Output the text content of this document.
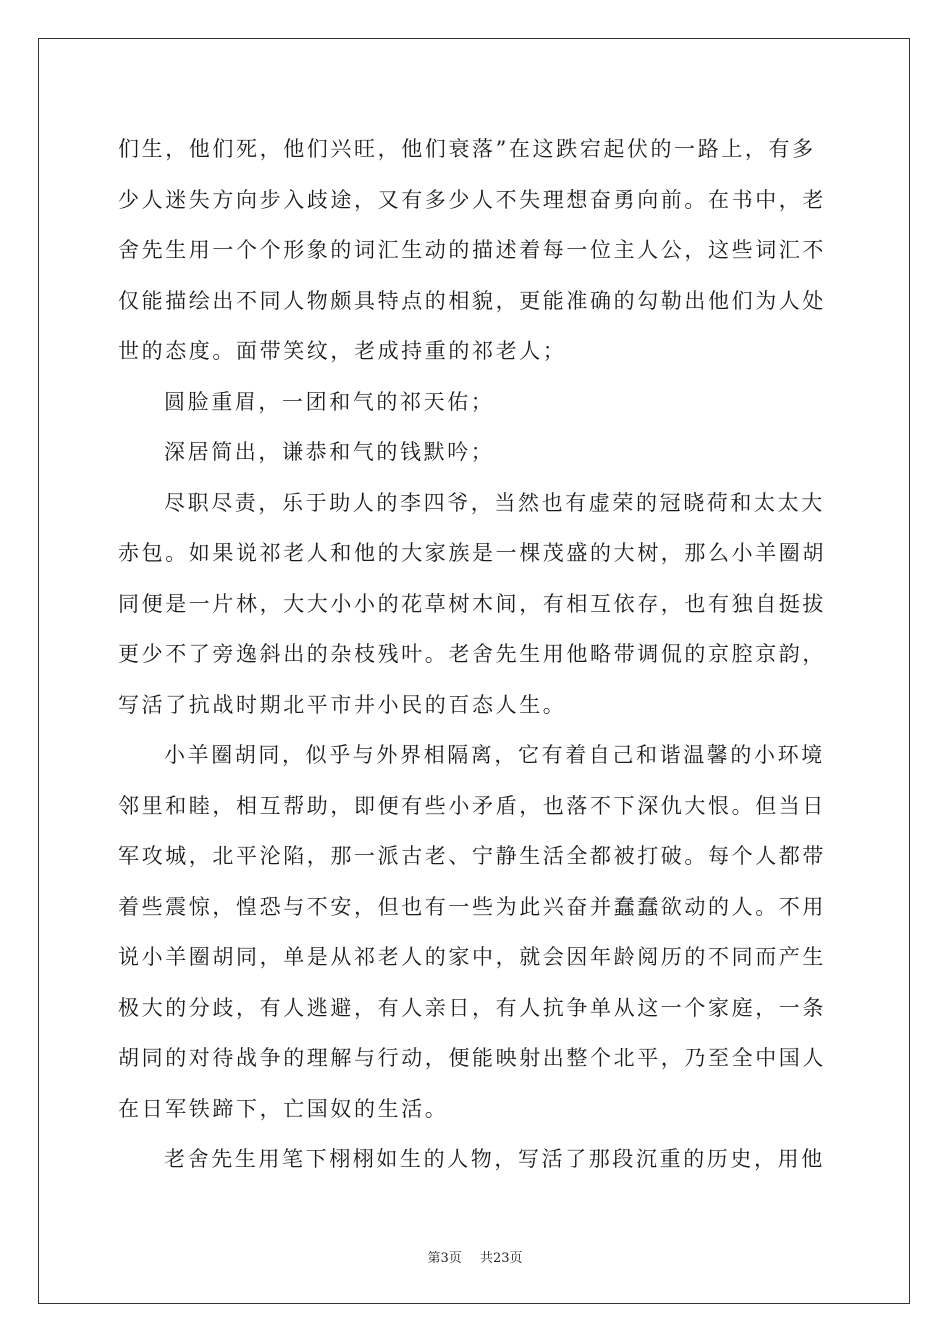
们生，他们死，他们兴旺，他们衰落”在这跌宕起伏的一路上，有多
少人迷失方向步入歧途，又有多少人不失理想奋勇向前。在书中，老
舍先生用一个个形象的词汇生动的描述着每一位主人公，这些词汇不
仅能描绘出不同人物颇具特点的相貌，更能准确的勾勒出他们为人处
世的态度。面带笑纹，老成持重的祁老人；
圆脸重眉，一团和气的祁天佑；
深居简出，谦恭和气的钱默吟；
尽职尽责，乐于助人的李四爷，当然也有虚荣的冠晓荷和太太大
赤包。如果说祁老人和他的大家族是一棵茂盛的大树，那么小羊圈胡
同便是一片林，大大小小的花草树木间，有相互依存，也有独自挺拔
更少不了旁逸斜出的杂枝残叶。老舍先生用他略带调侃的京腔京韵，
写活了抗战时期北平市井小民的百态人生。
小羊圈胡同，似乎与外界相隔离，它有着自己和谐温馨的小环境
邻里和睦，相互帮助，即便有些小矛盾，也落不下深仇大恨。但当日
军攻城，北平沦陷，那一派古老、宁静生活全都被打破。每个人都带
着些震惊，惶恐与不安，但也有一些为此兴奋并蠢蠢欲动的人。不用
说小羊圈胡同，单是从祁老人的家中，就会因年龄阅历的不同而产生
极大的分歧，有人逃避，有人亲日，有人抗争单从这一个家庭，一条
胡同的对待战争的理解与行动，便能映射出整个北平，乃至全中国人
在日军铁蹄下，亡国奴的生活。
老舍先生用笔下栩栩如生的人物，写活了那段沉重的历史，用他
第3页 共23页
